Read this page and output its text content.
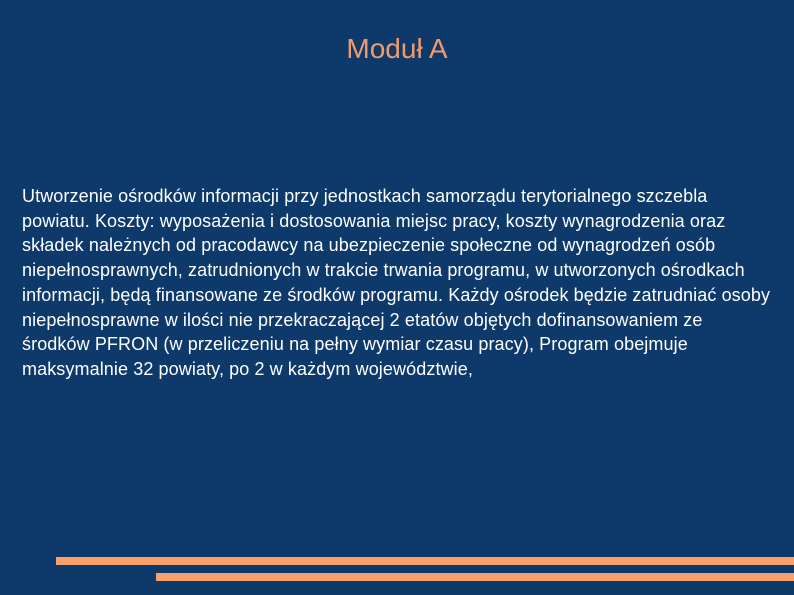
Moduł A

Utworzenie ośrodków informacji przy jednostkach samorządu terytorialnego szczebla powiatu. Koszty: wyposażenia i dostosowania miejsc pracy, koszty wynagrodzenia oraz składek należnych od pracodawcy na ubezpieczenie społeczne od wynagrodzeń osób niepełnosprawnych, zatrudnionych w trakcie trwania programu, w utworzonych ośrodkach informacji, będą finansowane ze środków programu. Każdy ośrodek będzie zatrudniać osoby niepełnosprawne w ilości nie przekraczającej 2 etatów objętych dofinansowaniem ze środków PFRON (w przeliczeniu na pełny wymiar czasu pracy), Program obejmuje maksymalnie 32 powiaty, po 2 w każdym województwie,
